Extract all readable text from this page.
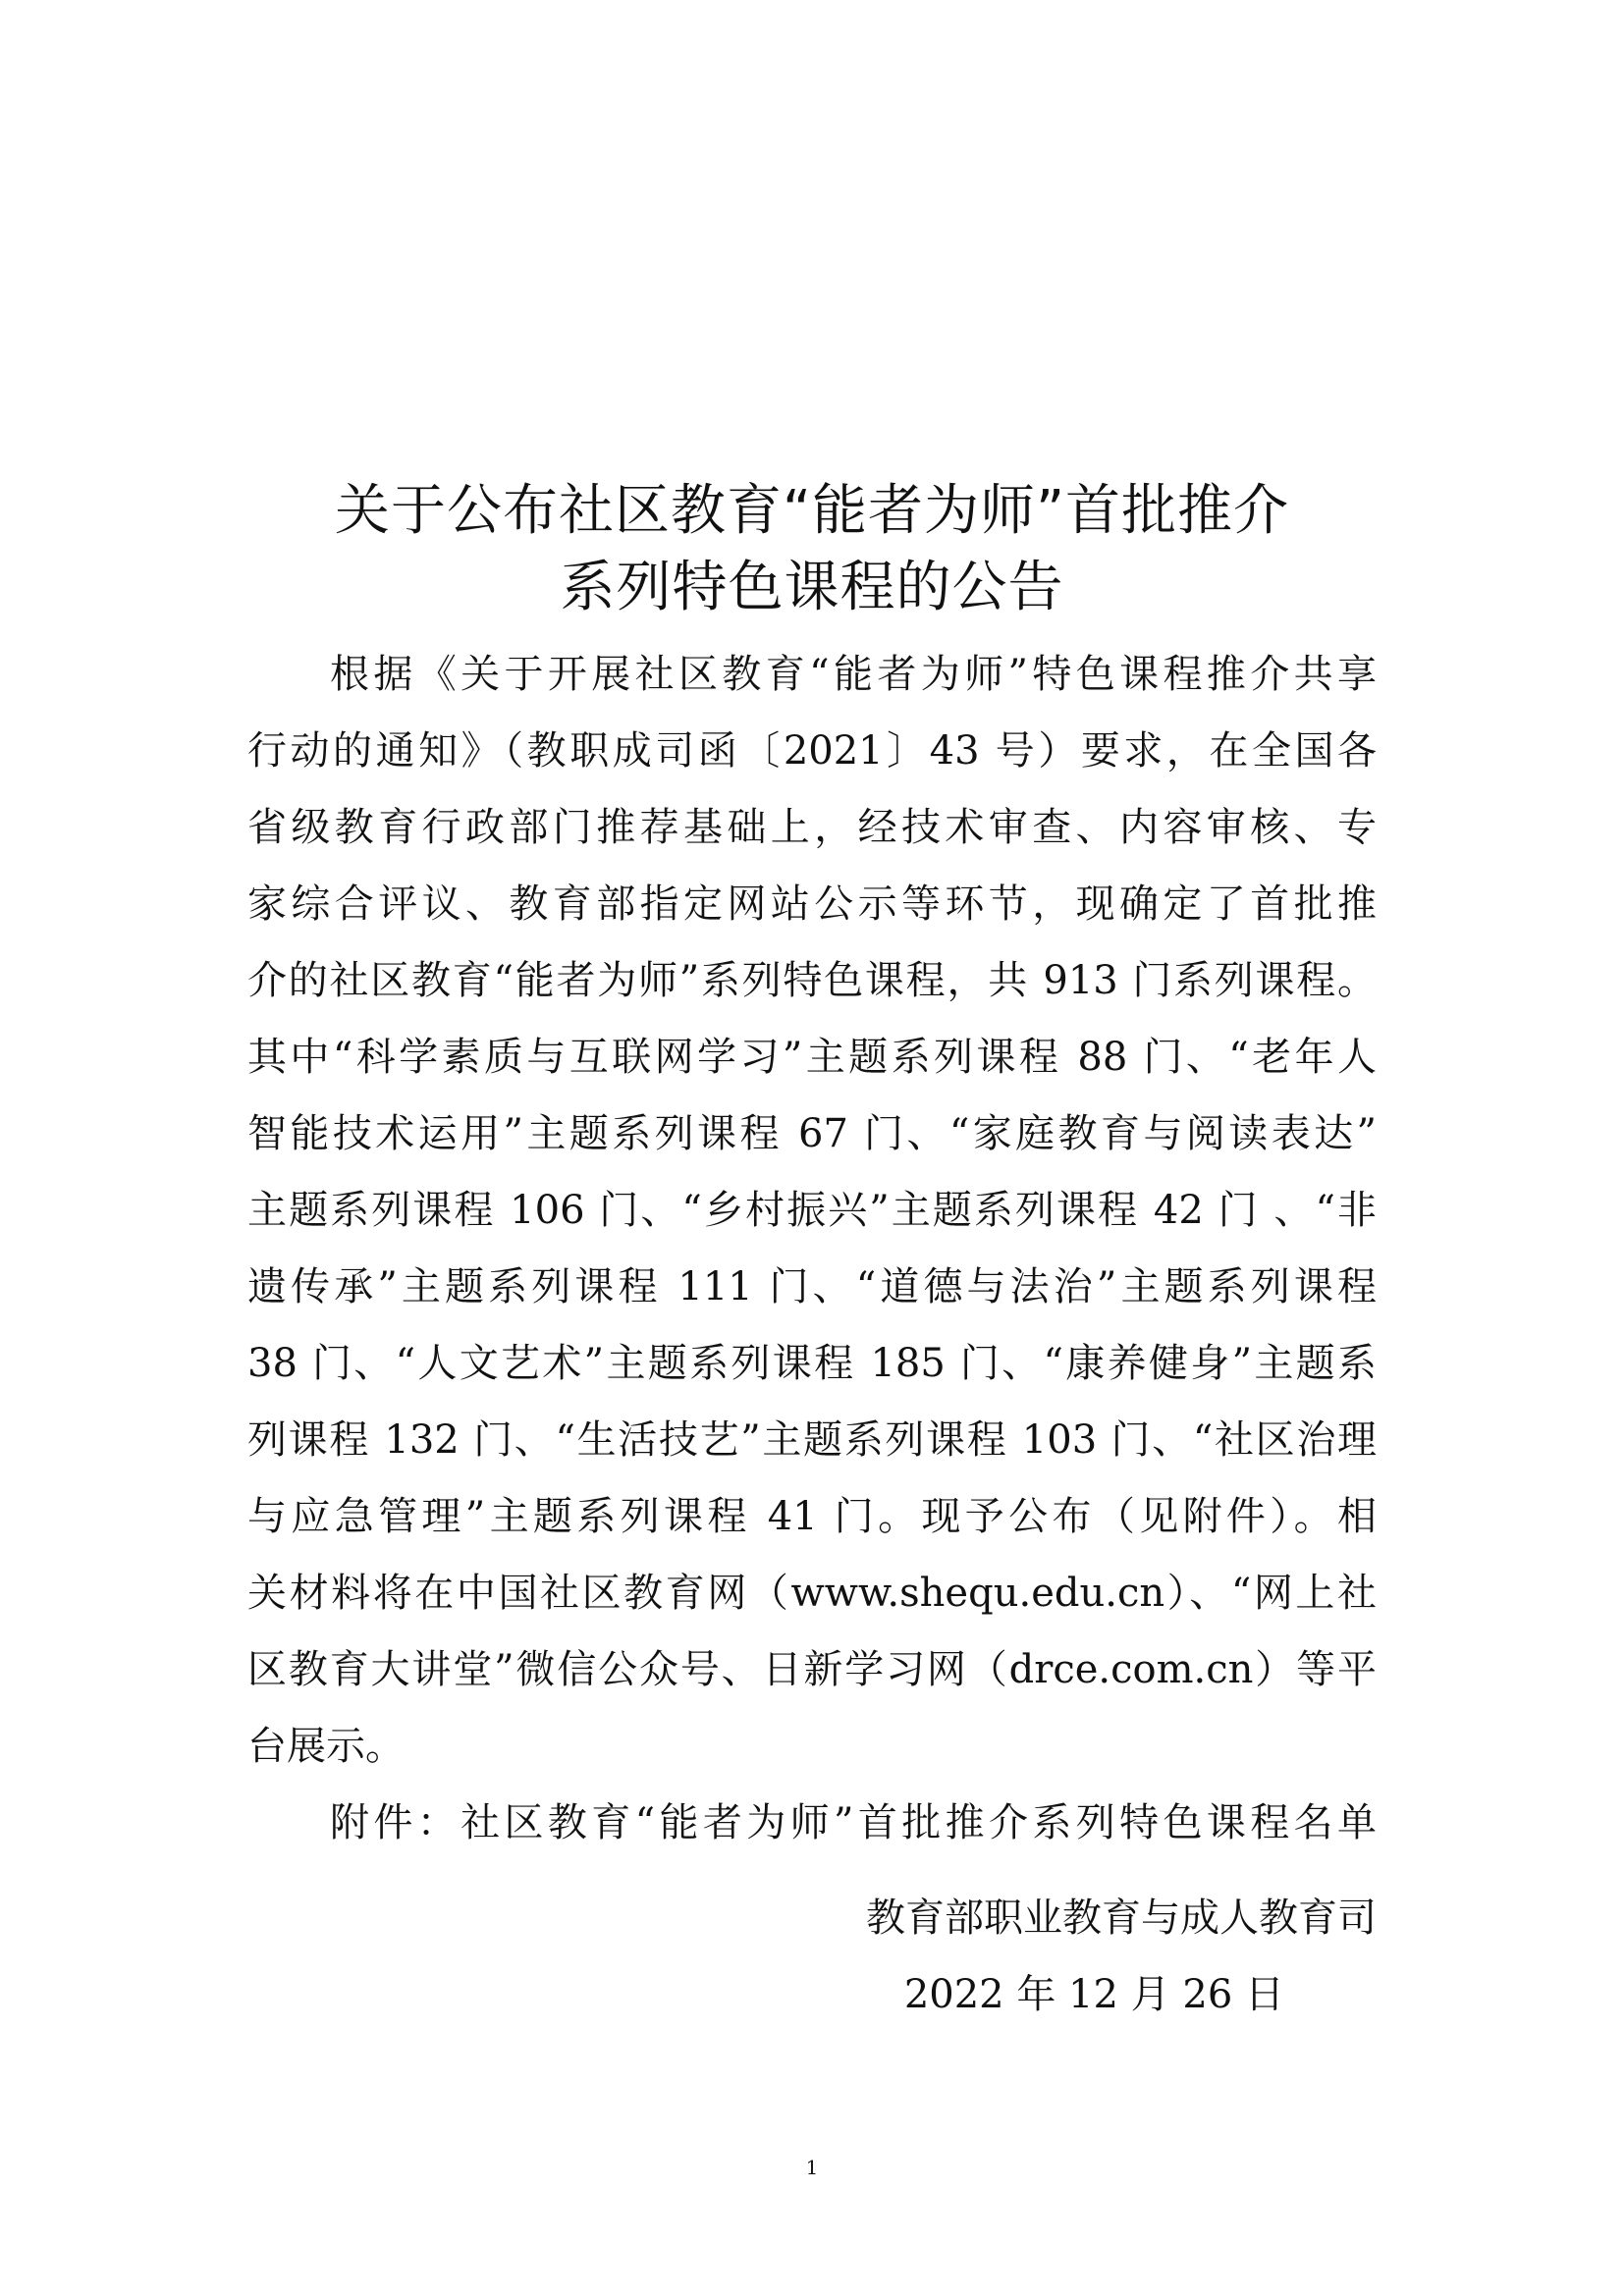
关于公布社区教育“能者为师”首批推介
系列特色课程的公告

根据《关于开展社区教育“能者为师”特色课程推介共享

行动的通知》（教职成司函〔2021〕43 号）要求，在全国各

省级教育行政部门推荐基础上，经技术审查、内容审核、专

家综合评议、教育部指定网站公示等环节，现确定了首批推

介的社区教育“能者为师”系列特色课程，共 913 门系列课程。

其中“科学素质与互联网学习”主题系列课程 88 门、“老年人

智能技术运用”主题系列课程 67 门、“家庭教育与阅读表达”

主题系列课程 106 门、“乡村振兴”主题系列课程 42 门 、“非

遗传承”主题系列课程 111 门、“道德与法治”主题系列课程

38 门、“人文艺术”主题系列课程 185 门、“康养健身”主题系

列课程 132 门、“生活技艺”主题系列课程 103 门、“社区治理

与应急管理”主题系列课程 41 门。现予公布（见附件）。相

关材料将在中国社区教育网（www.shequ.edu.cn）、“网上社

区教育大讲堂”微信公众号、日新学习网（drce.com.cn）等平

台展示。

附件：社区教育“能者为师”首批推介系列特色课程名单

教育部职业教育与成人教育司

2022 年 12 月 26 日

1
